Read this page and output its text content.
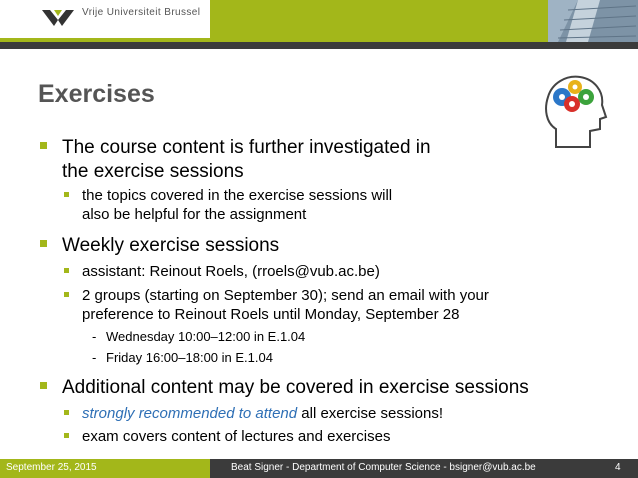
Vrije Universiteit Brussel
Exercises
The course content is further investigated in
the exercise sessions
the topics covered in the exercise sessions will
also be helpful for the assignment
Weekly exercise sessions
assistant: Reinout Roels, (rroels@vub.ac.be)
2 groups (starting on September 30); send an email with your
preference to Reinout Roels until Monday, September 28
- Wednesday 10:00–12:00 in E.1.04
- Friday 16:00–18:00 in E.1.04
Additional content may be covered in exercise sessions
strongly recommended to attend all exercise sessions!
exam covers content of lectures and exercises
September 25, 2015	Beat Signer - Department of Computer Science - bsigner@vub.ac.be	4
